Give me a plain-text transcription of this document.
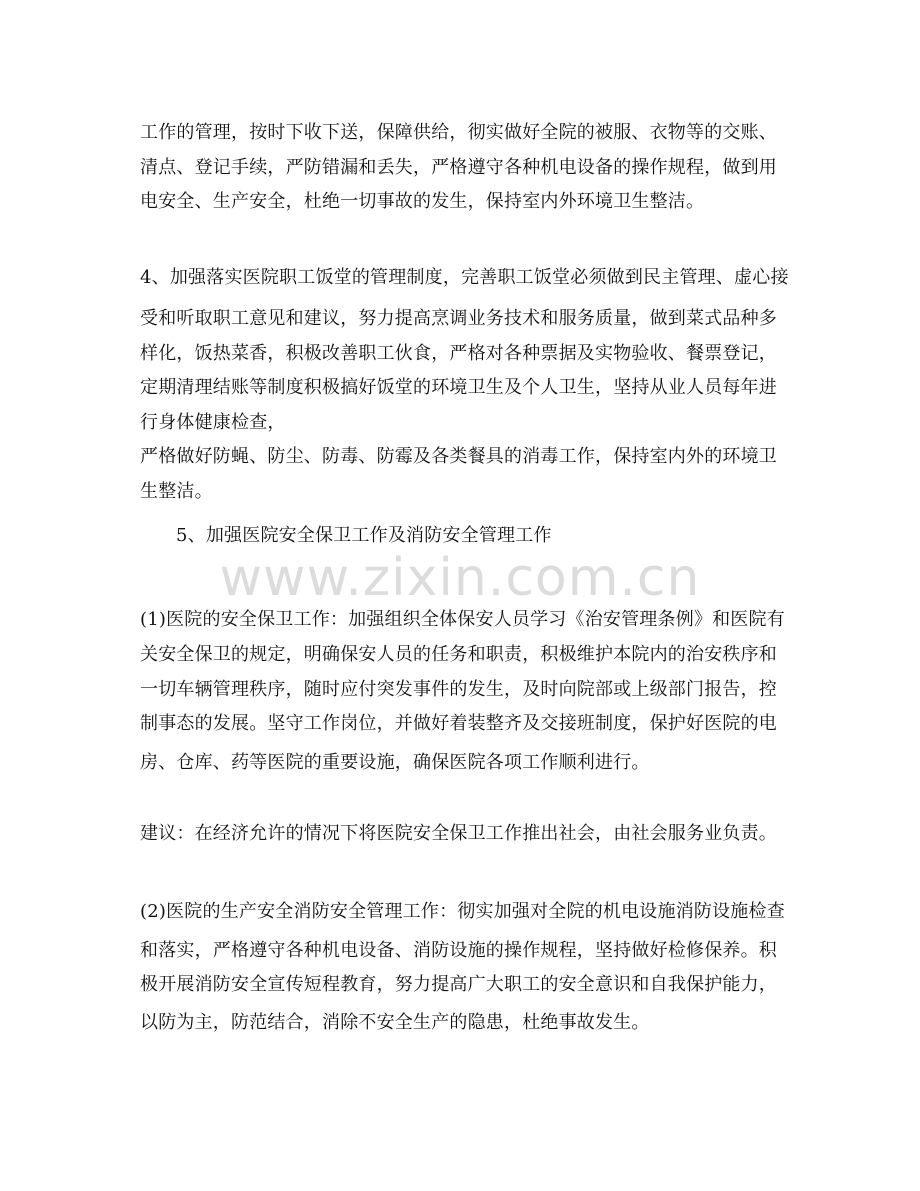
www.zixin.com.cn
工作的管理，按时下收下送，保障供给，彻实做好全院的被服、衣物等的交账、
清点、登记手续，严防错漏和丢失，严格遵守各种机电设备的操作规程，做到用
电安全、生产安全，杜绝一切事故的发生，保持室内外环境卫生整洁。
4、加强落实医院职工饭堂的管理制度，完善职工饭堂必须做到民主管理、虚心接
受和听取职工意见和建议，努力提高烹调业务技术和服务质量，做到菜式品种多
样化，饭热菜香，积极改善职工伙食，严格对各种票据及实物验收、餐票登记，
定期清理结账等制度积极搞好饭堂的环境卫生及个人卫生，坚持从业人员每年进
行身体健康检查，
严格做好防蝇、防尘、防毒、防霉及各类餐具的消毒工作，保持室内外的环境卫
生整洁。
5、加强医院安全保卫工作及消防安全管理工作
(1)医院的安全保卫工作：加强组织全体保安人员学习《治安管理条例》和医院有
关安全保卫的规定，明确保安人员的任务和职责，积极维护本院内的治安秩序和
一切车辆管理秩序，随时应付突发事件的发生，及时向院部或上级部门报告，控
制事态的发展。坚守工作岗位，并做好着装整齐及交接班制度，保护好医院的电
房、仓库、药等医院的重要设施，确保医院各项工作顺利进行。
建议：在经济允许的情况下将医院安全保卫工作推出社会，由社会服务业负责。
(2)医院的生产安全消防安全管理工作：彻实加强对全院的机电设施消防设施检查
和落实，严格遵守各种机电设备、消防设施的操作规程，坚持做好检修保养。积
极开展消防安全宣传短程教育，努力提高广大职工的安全意识和自我保护能力，
以防为主，防范结合，消除不安全生产的隐患，杜绝事故发生。
